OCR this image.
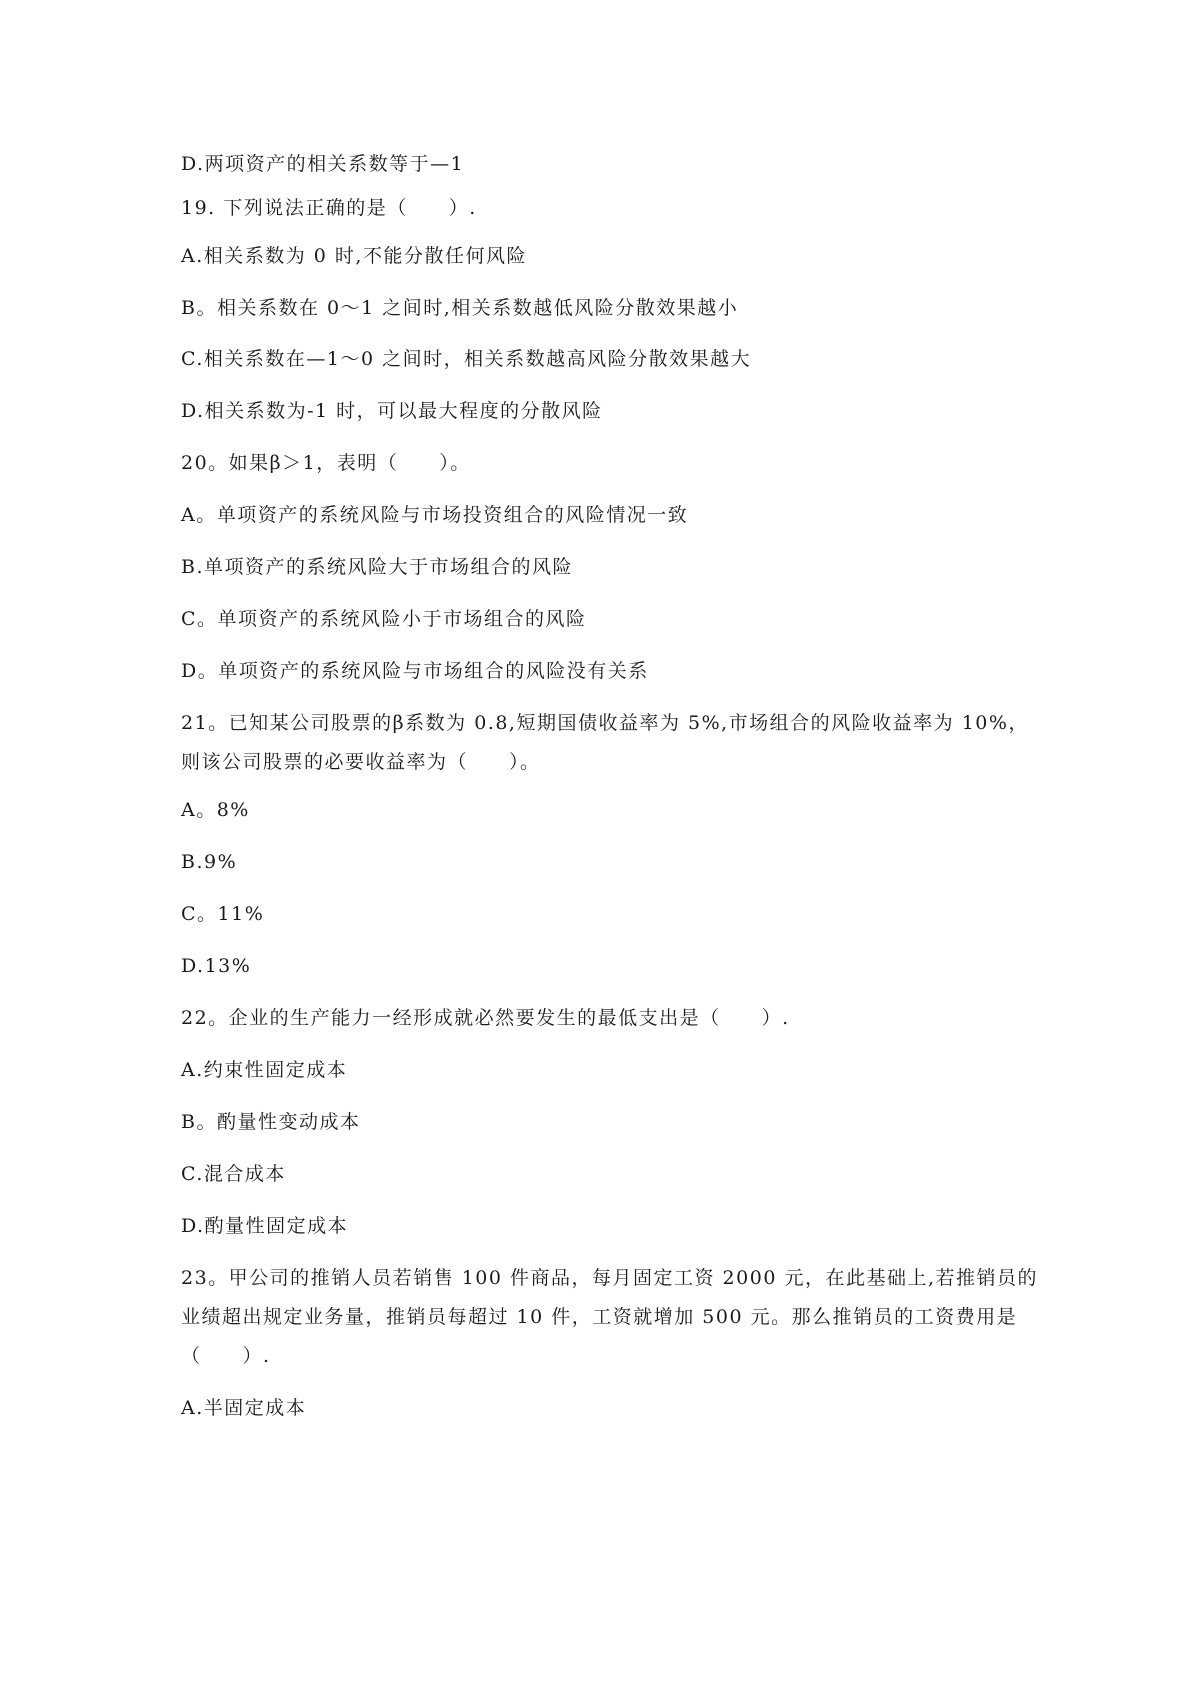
D.两项资产的相关系数等于—1
19. 下列说法正确的是（　　）.
A.相关系数为 0 时,不能分散任何风险
B。相关系数在 0～1 之间时,相关系数越低风险分散效果越小
C.相关系数在—1～0 之间时，相关系数越高风险分散效果越大
D.相关系数为-1 时，可以最大程度的分散风险
20。如果β＞1，表明（　　）。
A。单项资产的系统风险与市场投资组合的风险情况一致
B.单项资产的系统风险大于市场组合的风险
C。单项资产的系统风险小于市场组合的风险
D。单项资产的系统风险与市场组合的风险没有关系
21。已知某公司股票的β系数为 0.8,短期国债收益率为 5%,市场组合的风险收益率为 10%，
则该公司股票的必要收益率为（　　）。
A。8%
B.9%
C。11%
D.13%
22。企业的生产能力一经形成就必然要发生的最低支出是（　　）.
A.约束性固定成本
B。酌量性变动成本
C.混合成本
D.酌量性固定成本
23。甲公司的推销人员若销售 100 件商品，每月固定工资 2000 元，在此基础上,若推销员的
业绩超出规定业务量，推销员每超过 10 件，工资就增加 500 元。那么推销员的工资费用是
（　　）.
A.半固定成本
